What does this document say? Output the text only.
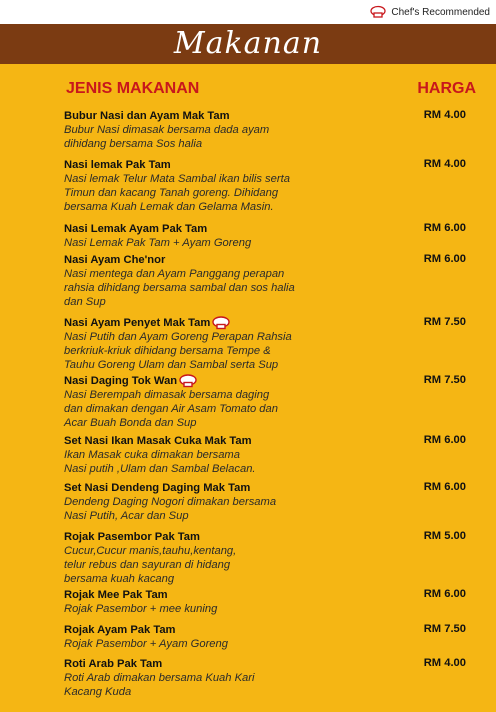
Chef's Recommended
Makanan
JENIS MAKANAN	HARGA
Bubur Nasi dan Ayam Mak Tam
Bubur Nasi dimasak bersama dada ayam
dihidang bersama Sos halia
RM 4.00
Nasi lemak Pak Tam
Nasi lemak Telur Mata Sambal ikan bilis serta
Timun dan kacang Tanah goreng. Dihidang
bersama Kuah Lemak dan Gelama Masin.
RM 4.00
Nasi Lemak Ayam Pak Tam
Nasi Lemak Pak Tam + Ayam Goreng
RM 6.00
Nasi Ayam Che'nor
Nasi mentega dan Ayam Panggang perapan
rahsia dihidang bersama sambal dan sos halia
dan Sup
RM 6.00
Nasi Ayam Penyet Mak Tam
Nasi Putih dan Ayam Goreng Perapan Rahsia
berkriuk-kriuk dihidang bersama Tempe &
Tauhu Goreng Ulam dan Sambal serta Sup
RM 7.50
Nasi Daging Tok Wan
Nasi Berempah dimasak bersama daging
dan dimakan dengan Air Asam Tomato dan
Acar Buah Bonda dan Sup
RM 7.50
Set Nasi Ikan Masak Cuka Mak Tam
Ikan Masak cuka dimakan bersama
Nasi putih ,Ulam dan Sambal Belacan.
RM 6.00
Set Nasi Dendeng Daging Mak Tam
Dendeng Daging Nogori dimakan bersama
Nasi Putih, Acar dan Sup
RM 6.00
Rojak Pasembor Pak Tam
Cucur,Cucur manis,tauhu,kentang,
telur rebus dan sayuran di hidang
bersama kuah kacang
RM 5.00
Rojak Mee Pak Tam
Rojak Pasembor + mee kuning
RM 6.00
Rojak Ayam Pak Tam
Rojak Pasembor + Ayam Goreng
RM 7.50
Roti Arab Pak Tam
Roti Arab dimakan bersama Kuah Kari
Kacang Kuda
RM 4.00
